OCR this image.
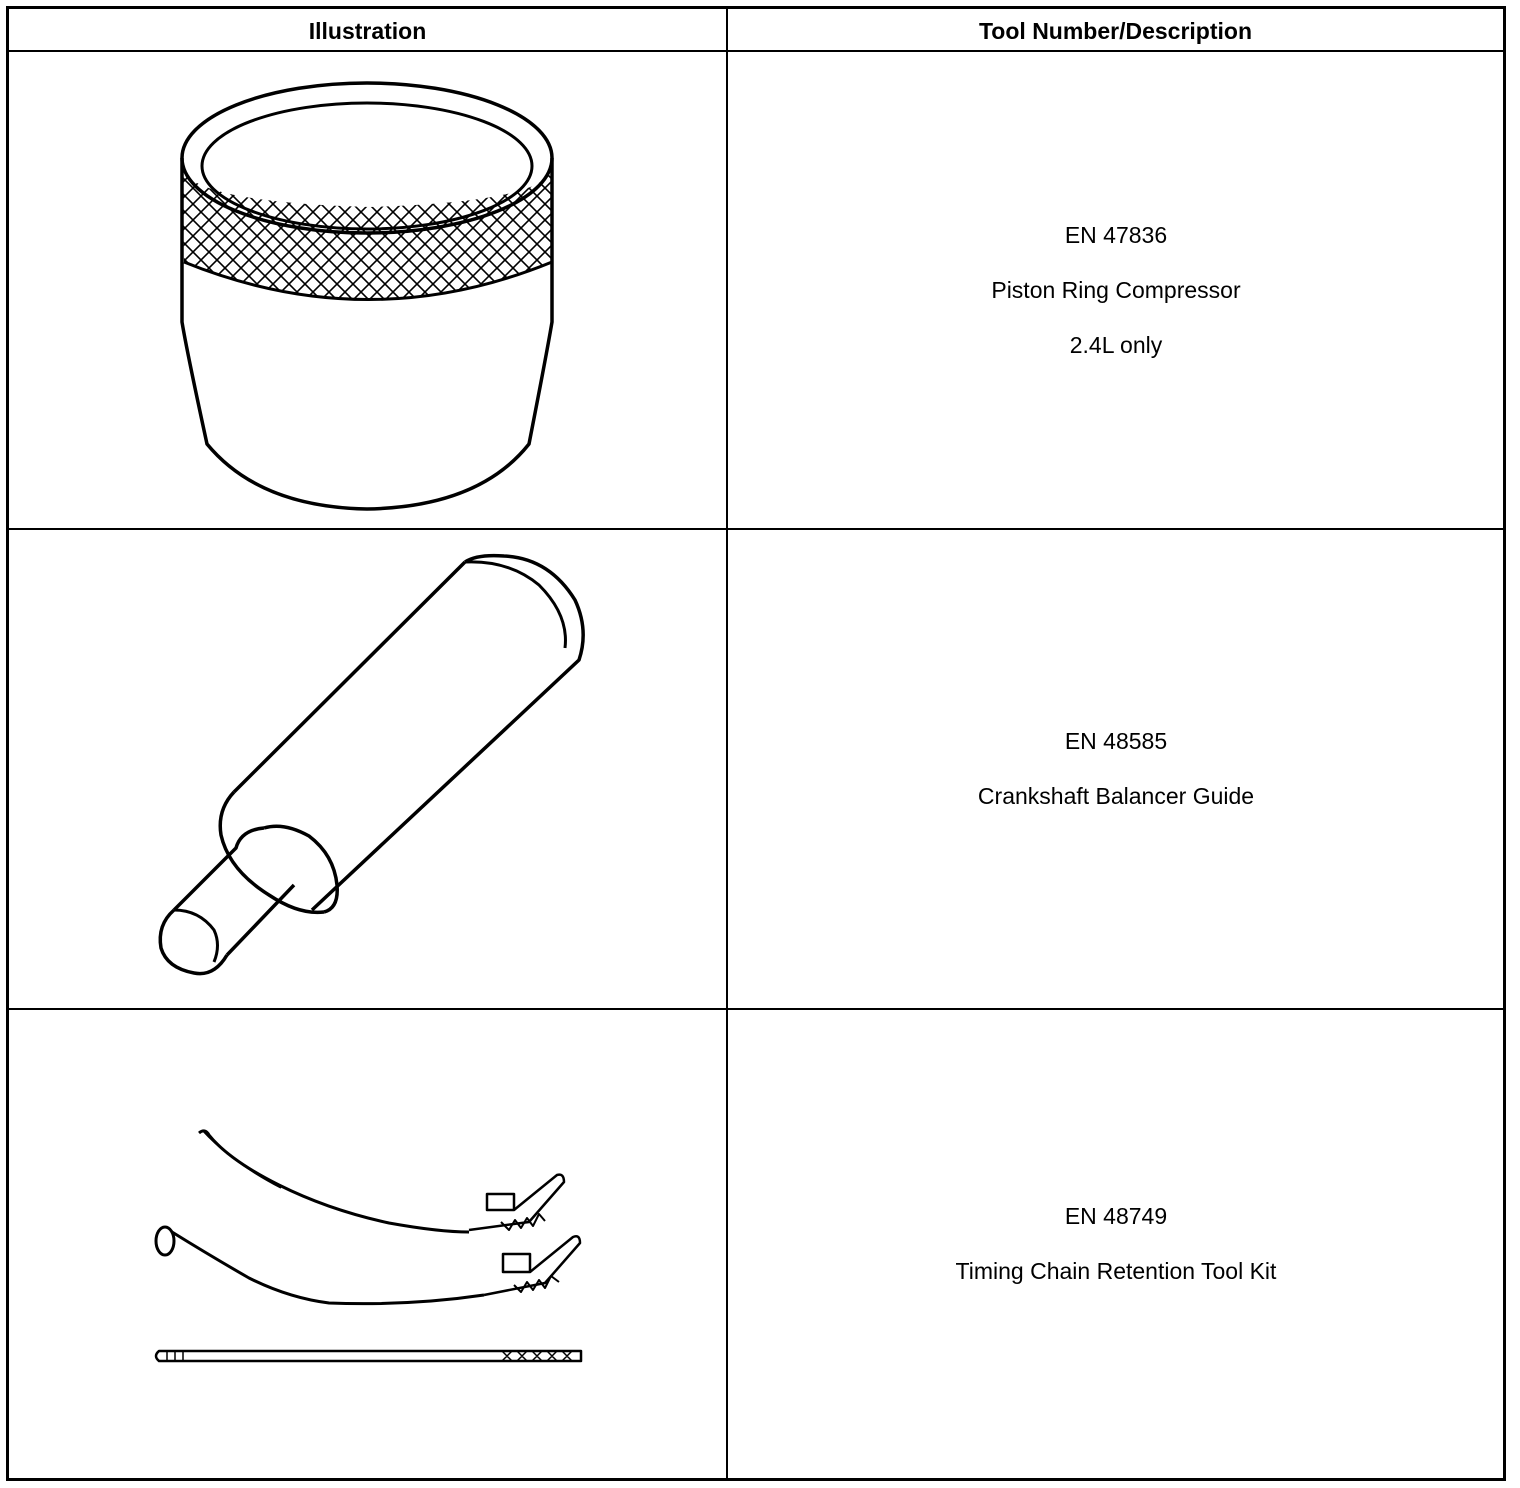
Illustration	Tool Number/Description
EN 47836
Piston Ring Compressor
2.4L only
EN 48585
Crankshaft Balancer Guide
EN 48749
Timing Chain Retention Tool Kit
